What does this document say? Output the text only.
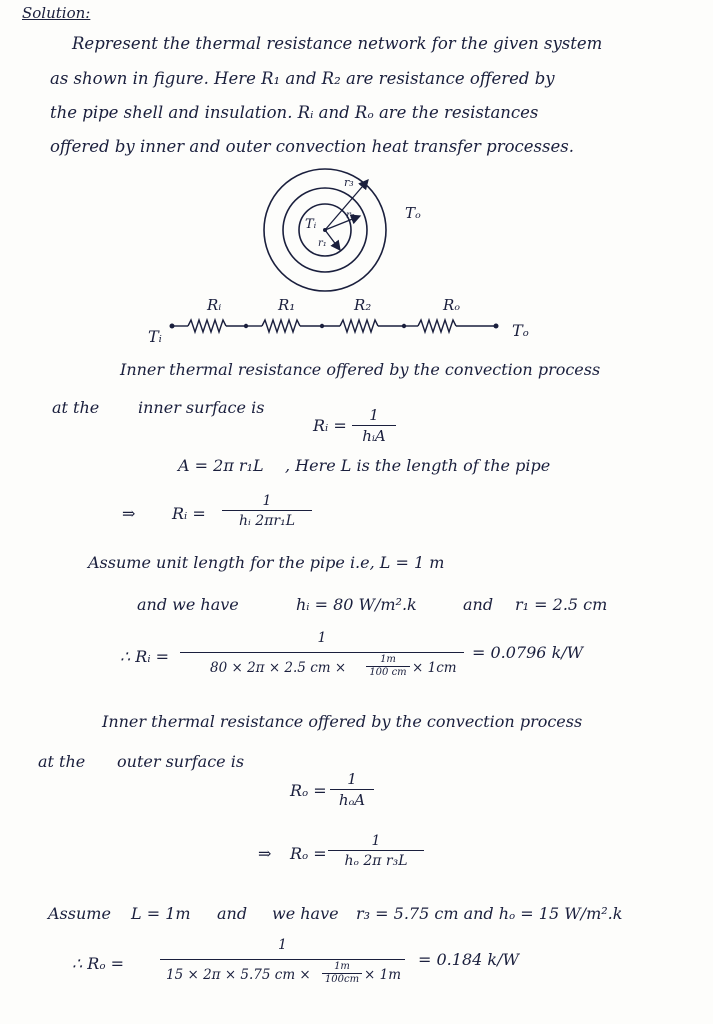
Solution:
Represent the thermal resistance network for the given system
as shown in figure. Here R₁ and R₂ are resistance offered by
the pipe shell and insulation. Rᵢ and Rₒ are the resistances
offered by inner and outer convection heat transfer processes.
r₃
r₂
r₁
Tᵢ
Tₒ
Tᵢ	Tₒ
Rᵢ	R₁	R₂	Rₒ
Inner thermal resistance offered by the convection process
at the inner surface is
Rᵢ =
1
hᵢA
A = 2π r₁L , Here L is the length of the pipe
⇒ Rᵢ = $\frac{1}{\text{hᵢ 2πr₁L}}$
Assume unit length for the pipe i.e, L = 1 m
and we have	hᵢ = 80 W/m².k	and r₁ = 2.5 cm
∴ Rᵢ =
1
80 × 2π × 2.5 cm × $\frac{1m}{100 cm} \times 1cm$
= 0.0796 k/W
Inner thermal resistance offered by the convection process
at the outer surface is
Rₒ =
1
hₒA
⇒ $R_o = \frac{1}{\text{hₒ 2π r₃L}}$
Assume L = 1m and we have r₃ = 5.75 cm and hₒ = 15 W/m².k
∴ Rₒ =
1
15 × 2π × 5.75 cm × $\frac{1m}{100cm} \times 1m$
= 0.184 k/W
